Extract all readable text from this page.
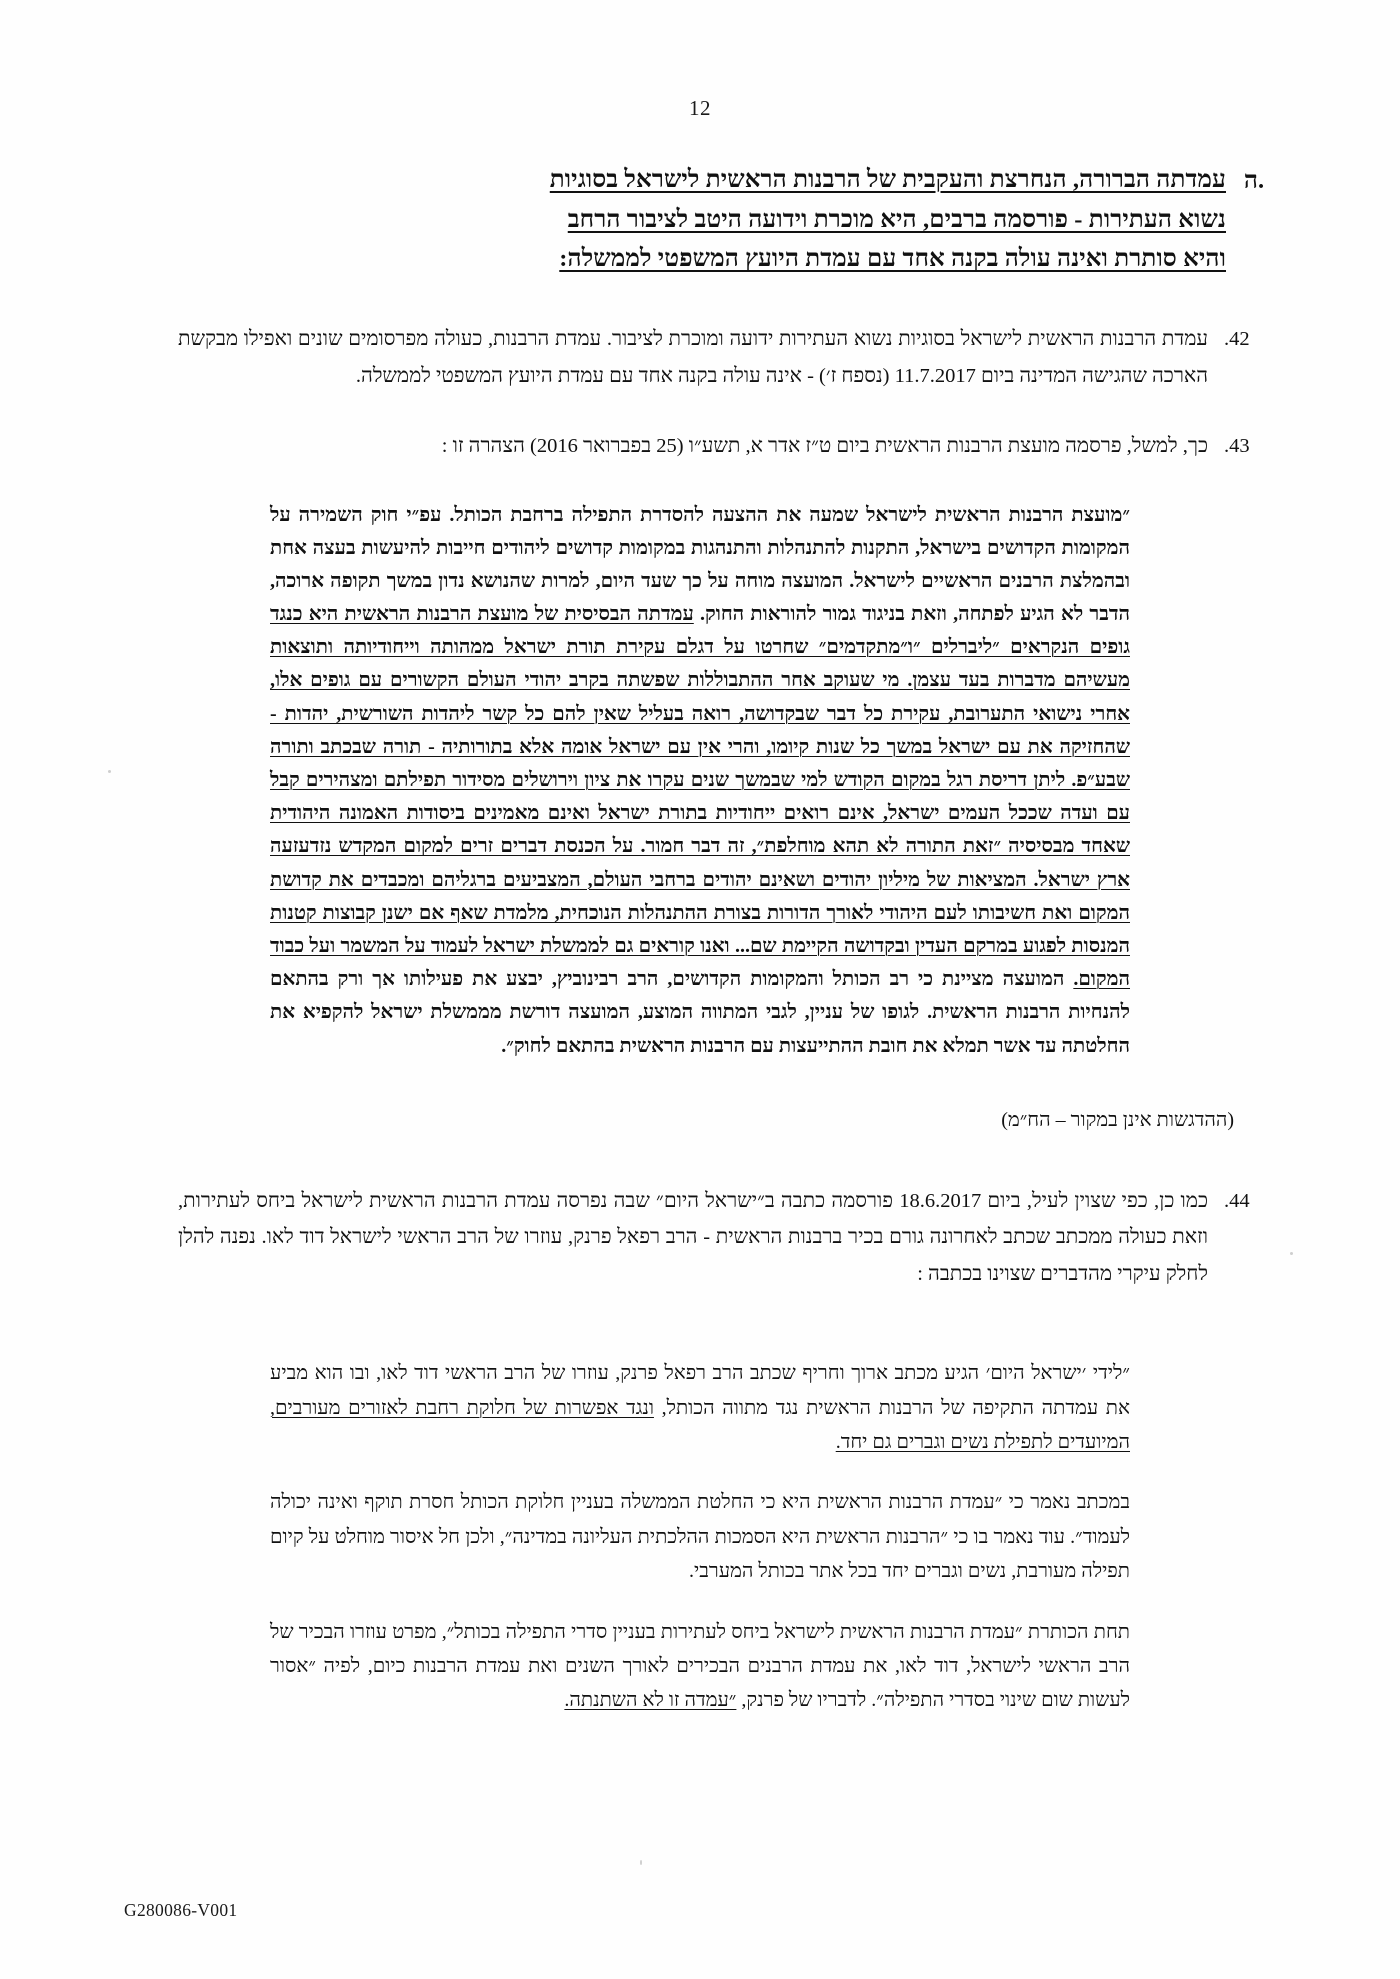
12
.ה
עמדתה הברורה, הנחרצת והעקבית של הרבנות הראשית לישראל בסוגיות
נשוא העתירות - פורסמה ברבים, היא מוכרת וידועה היטב לציבור הרחב
והיא סותרת ואינה עולה בקנה אחד עם עמדת היועץ המשפטי לממשלה:
.42
עמדת הרבנות הראשית לישראל בסוגיות נשוא העתירות ידועה ומוכרת לציבור. עמדת הרבנות, כעולה מפרסומים שונים ואפילו מבקשת הארכה שהגישה המדינה ביום 11.7.2017 (נספח ז׳) - אינה עולה בקנה אחד עם עמדת היועץ המשפטי לממשלה.
.43
כך, למשל, פרסמה מועצת הרבנות הראשית ביום ט״ז אדר א, תשע״ו (25 בפברואר 2016) הצהרה זו :
״מועצת הרבנות הראשית לישראל שמעה את ההצעה להסדרת התפילה ברחבת הכותל. עפ״י חוק השמירה על המקומות הקדושים בישראל, התקנות להתנהלות והתנהגות במקומות קדושים ליהודים חייבות להיעשות בעצה אחת ובהמלצת הרבנים הראשיים לישראל. המועצה מוחה על כך שעד היום, למרות שהנושא נדון במשך תקופה ארוכה, הדבר לא הגיע לפתחה, וזאת בניגוד גמור להוראות החוק. עמדתה הבסיסית של מועצת הרבנות הראשית היא כנגד גופים הנקראים ״ליברלים ״ו״מתקדמים״ שחרטו על דגלם עקירת תורת ישראל ממהותה וייחודיותה ותוצאות מעשיהם מדברות בעד עצמן. מי שעוקב אחר ההתבוללות שפשתה בקרב יהודי העולם הקשורים עם גופים אלו, אחרי נישואי התערובת, עקירת כל דבר שבקדושה, רואה בעליל שאין להם כל קשר ליהדות השורשית, יהדות - שהחזיקה את עם ישראל במשך כל שנות קיומו, והרי אין עם ישראל אומה אלא בתורותיה - תורה שבכתב ותורה שבע״פ. ליתן דריסת רגל במקום הקודש למי שבמשך שנים עקרו את ציון וירושלים מסידור תפילתם ומצהירים קבל עם ועדה שככל העמים ישראל, אינם רואים ייחודיות בתורת ישראל ואינם מאמינים ביסודות האמונה היהודית שאחד מבסיסיה ״זאת התורה לא תהא מוחלפת״, זה דבר חמור. על הכנסת דברים זרים למקום המקדש נזדעזעה ארץ ישראל. המציאות של מיליון יהודים ושאינם יהודים ברחבי העולם, המצביעים ברגליהם ומכבדים את קדושת המקום ואת חשיבותו לעם היהודי לאורך הדורות בצורת ההתנהלות הנוכחית, מלמדת שאף אם ישנן קבוצות קטנות המנסות לפגוע במרקם העדין ובקדושה הקיימת שם... ואנו קוראים גם לממשלת ישראל לעמוד על המשמר ועל כבוד המקום. המועצה מציינת כי רב הכותל והמקומות הקדושים, הרב רבינוביץ, יבצע את פעילותו אך ורק בהתאם להנחיות הרבנות הראשית. לגופו של עניין, לגבי המתווה המוצע, המועצה דורשת מממשלת ישראל להקפיא את החלטתה עד אשר תמלא את חובת ההתייעצות עם הרבנות הראשית בהתאם לחוק״.
(ההדגשות אינן במקור – הח״מ)
.44
כמו כן, כפי שצוין לעיל, ביום 18.6.2017 פורסמה כתבה ב״ישראל היום״ שבה נפרסה עמדת הרבנות הראשית לישראל ביחס לעתירות, וזאת כעולה ממכתב שכתב לאחרונה גורם בכיר ברבנות הראשית - הרב רפאל פרנק, עוזרו של הרב הראשי לישראל דוד לאו. נפנה להלן לחלק עיקרי מהדברים שצוינו בכתבה :

״לידי ׳ישראל היום׳ הגיע מכתב ארוך וחריף שכתב הרב רפאל פרנק, עוזרו של הרב הראשי דוד לאו, ובו הוא מביע את עמדתה התקיפה של הרבנות הראשית נגד מתווה הכותל, ונגד אפשרות של חלוקת רחבת לאזורים מעורבים, המיועדים לתפילת נשים וגברים גם יחד.

במכתב נאמר כי ״עמדת הרבנות הראשית היא כי החלטת הממשלה בעניין חלוקת הכותל חסרת תוקף ואינה יכולה לעמוד״. עוד נאמר בו כי ״הרבנות הראשית היא הסמכות ההלכתית העליונה במדינה״, ולכן חל איסור מוחלט על קיום תפילה מעורבת, נשים וגברים יחד בכל אתר בכותל המערבי.

תחת הכותרת ״עמדת הרבנות הראשית לישראל ביחס לעתירות בעניין סדרי התפילה בכותל״, מפרט עוזרו הבכיר של הרב הראשי לישראל, דוד לאו, את עמדת הרבנים הבכירים לאורך השנים ואת עמדת הרבנות כיום, לפיה ״אסור לעשות שום שינוי בסדרי התפילה״. לדבריו של פרנק, ״עמדה זו לא השתנתה.

G280086-V001
